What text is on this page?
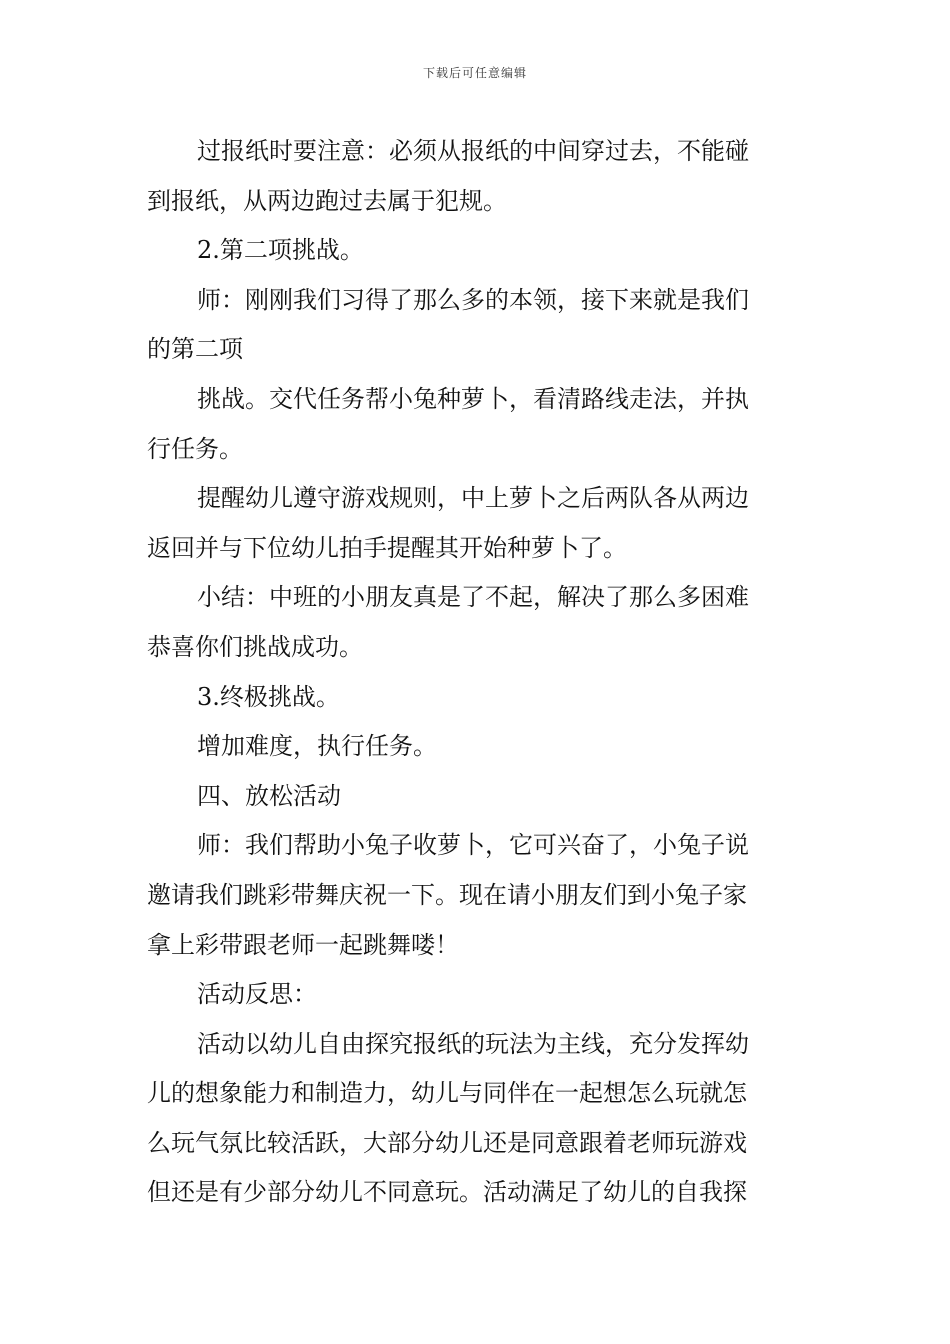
下载后可任意编辑
过报纸时要注意：必须从报纸的中间穿过去，不能碰
到报纸，从两边跑过去属于犯规。
2.第二项挑战。
师：刚刚我们习得了那么多的本领，接下来就是我们
的第二项
挑战。交代任务帮小兔种萝卜，看清路线走法，并执
行任务。
提醒幼儿遵守游戏规则，中上萝卜之后两队各从两边
返回并与下位幼儿拍手提醒其开始种萝卜了。
小结：中班的小朋友真是了不起，解决了那么多困难
恭喜你们挑战成功。
3.终极挑战。
增加难度，执行任务。
四、放松活动
师：我们帮助小兔子收萝卜，它可兴奋了，小兔子说
邀请我们跳彩带舞庆祝一下。现在请小朋友们到小兔子家
拿上彩带跟老师一起跳舞喽！
活动反思：
活动以幼儿自由探究报纸的玩法为主线，充分发挥幼
儿的想象能力和制造力，幼儿与同伴在一起想怎么玩就怎
么玩气氛比较活跃，大部分幼儿还是同意跟着老师玩游戏
但还是有少部分幼儿不同意玩。活动满足了幼儿的自我探
